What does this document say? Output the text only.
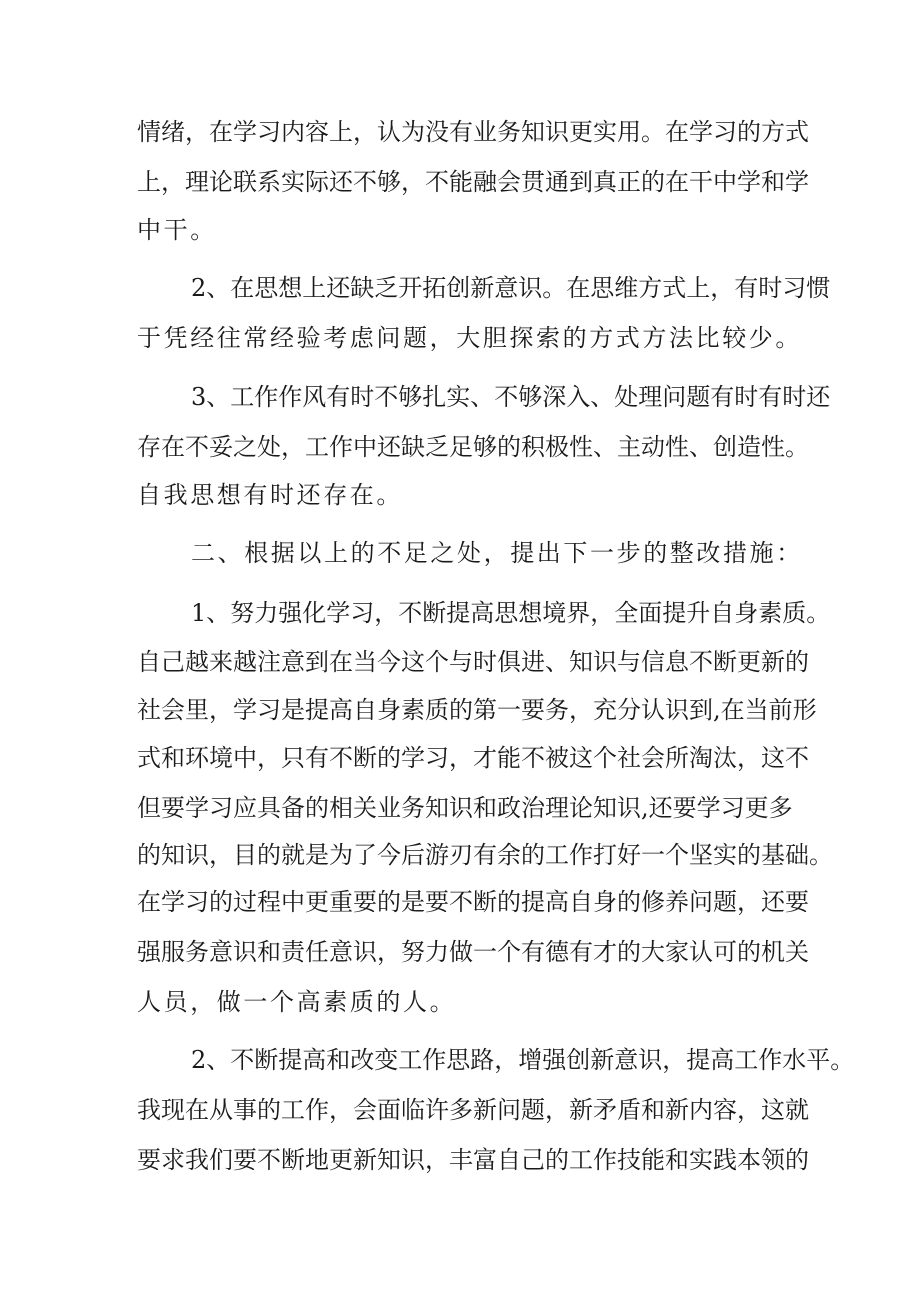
情绪，在学习内容上，认为没有业务知识更实用。在学习的方式
上，理论联系实际还不够，不能融会贯通到真正的在干中学和学
中干。
2、在思想上还缺乏开拓创新意识。在思维方式上，有时习惯
于凭经往常经验考虑问题，大胆探索的方式方法比较少。
3、工作作风有时不够扎实、不够深入、处理问题有时有时还
存在不妥之处，工作中还缺乏足够的积极性、主动性、创造性。
自我思想有时还存在。
二、根据以上的不足之处，提出下一步的整改措施：
1、努力强化学习，不断提高思想境界，全面提升自身素质。
自己越来越注意到在当今这个与时俱进、知识与信息不断更新的
社会里，学习是提高自身素质的第一要务，充分认识到,在当前形
式和环境中，只有不断的学习，才能不被这个社会所淘汰，这不
但要学习应具备的相关业务知识和政治理论知识,还要学习更多
的知识，目的就是为了今后游刃有余的工作打好一个坚实的基础。
在学习的过程中更重要的是要不断的提高自身的修养问题，还要
强服务意识和责任意识，努力做一个有德有才的大家认可的机关
人员，做一个高素质的人。
2、不断提高和改变工作思路，增强创新意识，提高工作水平。
我现在从事的工作，会面临许多新问题，新矛盾和新内容，这就
要求我们要不断地更新知识，丰富自己的工作技能和实践本领的
